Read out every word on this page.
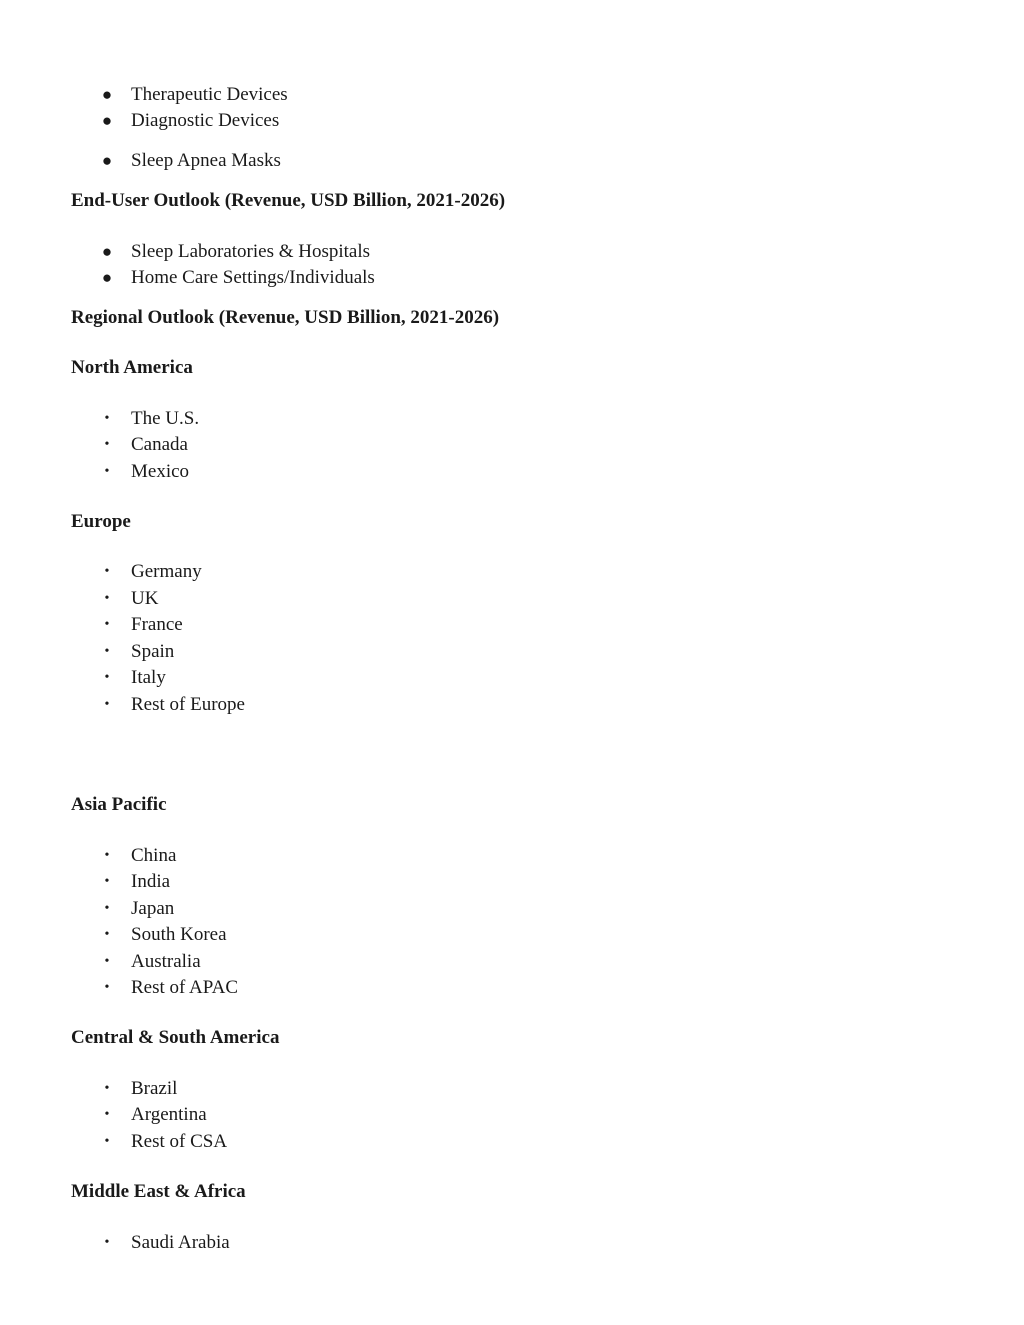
● Therapeutic Devices
● Diagnostic Devices
● Sleep Apnea Masks
End-User Outlook (Revenue, USD Billion, 2021-2026)
● Sleep Laboratories & Hospitals
● Home Care Settings/Individuals
Regional Outlook (Revenue, USD Billion, 2021-2026)
North America
• The U.S.
• Canada
• Mexico
Europe
• Germany
• UK
• France
• Spain
• Italy
• Rest of Europe
Asia Pacific
• China
• India
• Japan
• South Korea
• Australia
• Rest of APAC
Central & South America
• Brazil
• Argentina
• Rest of CSA
Middle East & Africa
• Saudi Arabia
